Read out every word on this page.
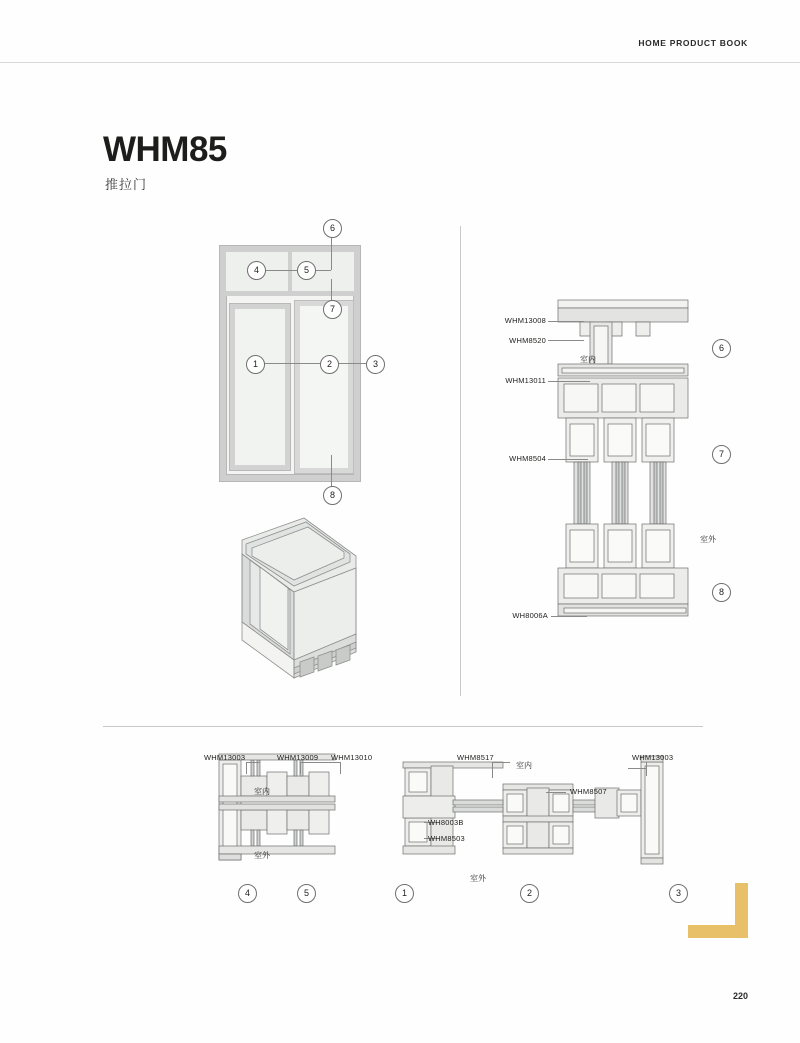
HOME PRODUCT BOOK
WHM85
推拉门
1	2	3
4	5
6
7
8
WHM13008
WHM8520
WHM13011
WHM8504
WH8006A
室内
室外
6
7
8
WHM13003	WHM13009 WHM13010
室内
室外
4	5
WHM8517
WHM8507
WH8003B
WHM8503
WHM13003
室内
室外
1	2	3
220
